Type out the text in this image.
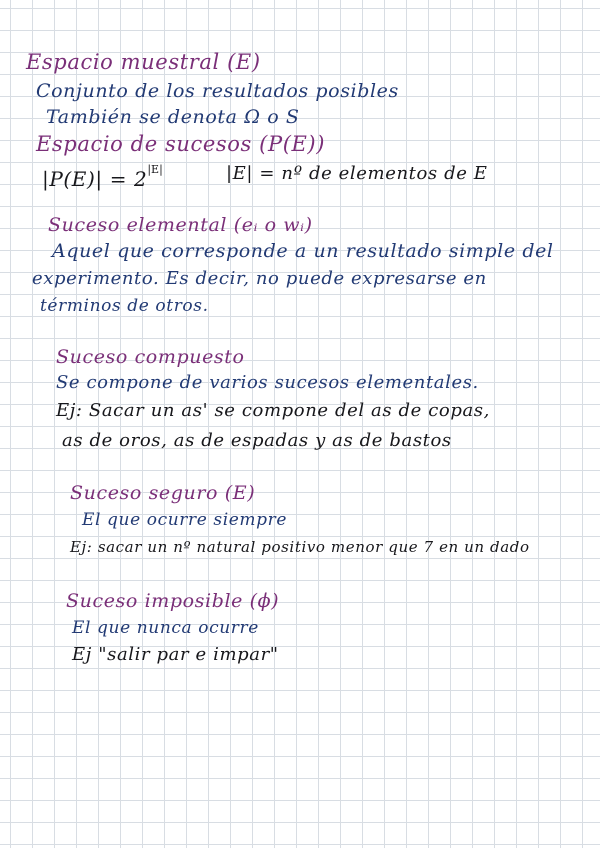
Espacio muestral (E)
Conjunto de los resultados posibles
También se denota Ω o S
Espacio de sucesos (P(E))
$|P(E)| = 2^{|E|}$	|E| = nº de elementos de E
Suceso elemental (eᵢ o wᵢ)
Aquel que corresponde a un resultado simple del
experimento. Es decir, no puede expresarse en
términos de otros.
Suceso compuesto
Se compone de varios sucesos elementales.
Ej: Sacar un as' se compone del as de copas,
as de oros, as de espadas y as de bastos
Suceso seguro (E)
El que ocurre siempre
Ej: sacar un nº natural positivo menor que 7 en un dado
Suceso imposible (ϕ)
El que nunca ocurre
Ej "salir par e impar"
